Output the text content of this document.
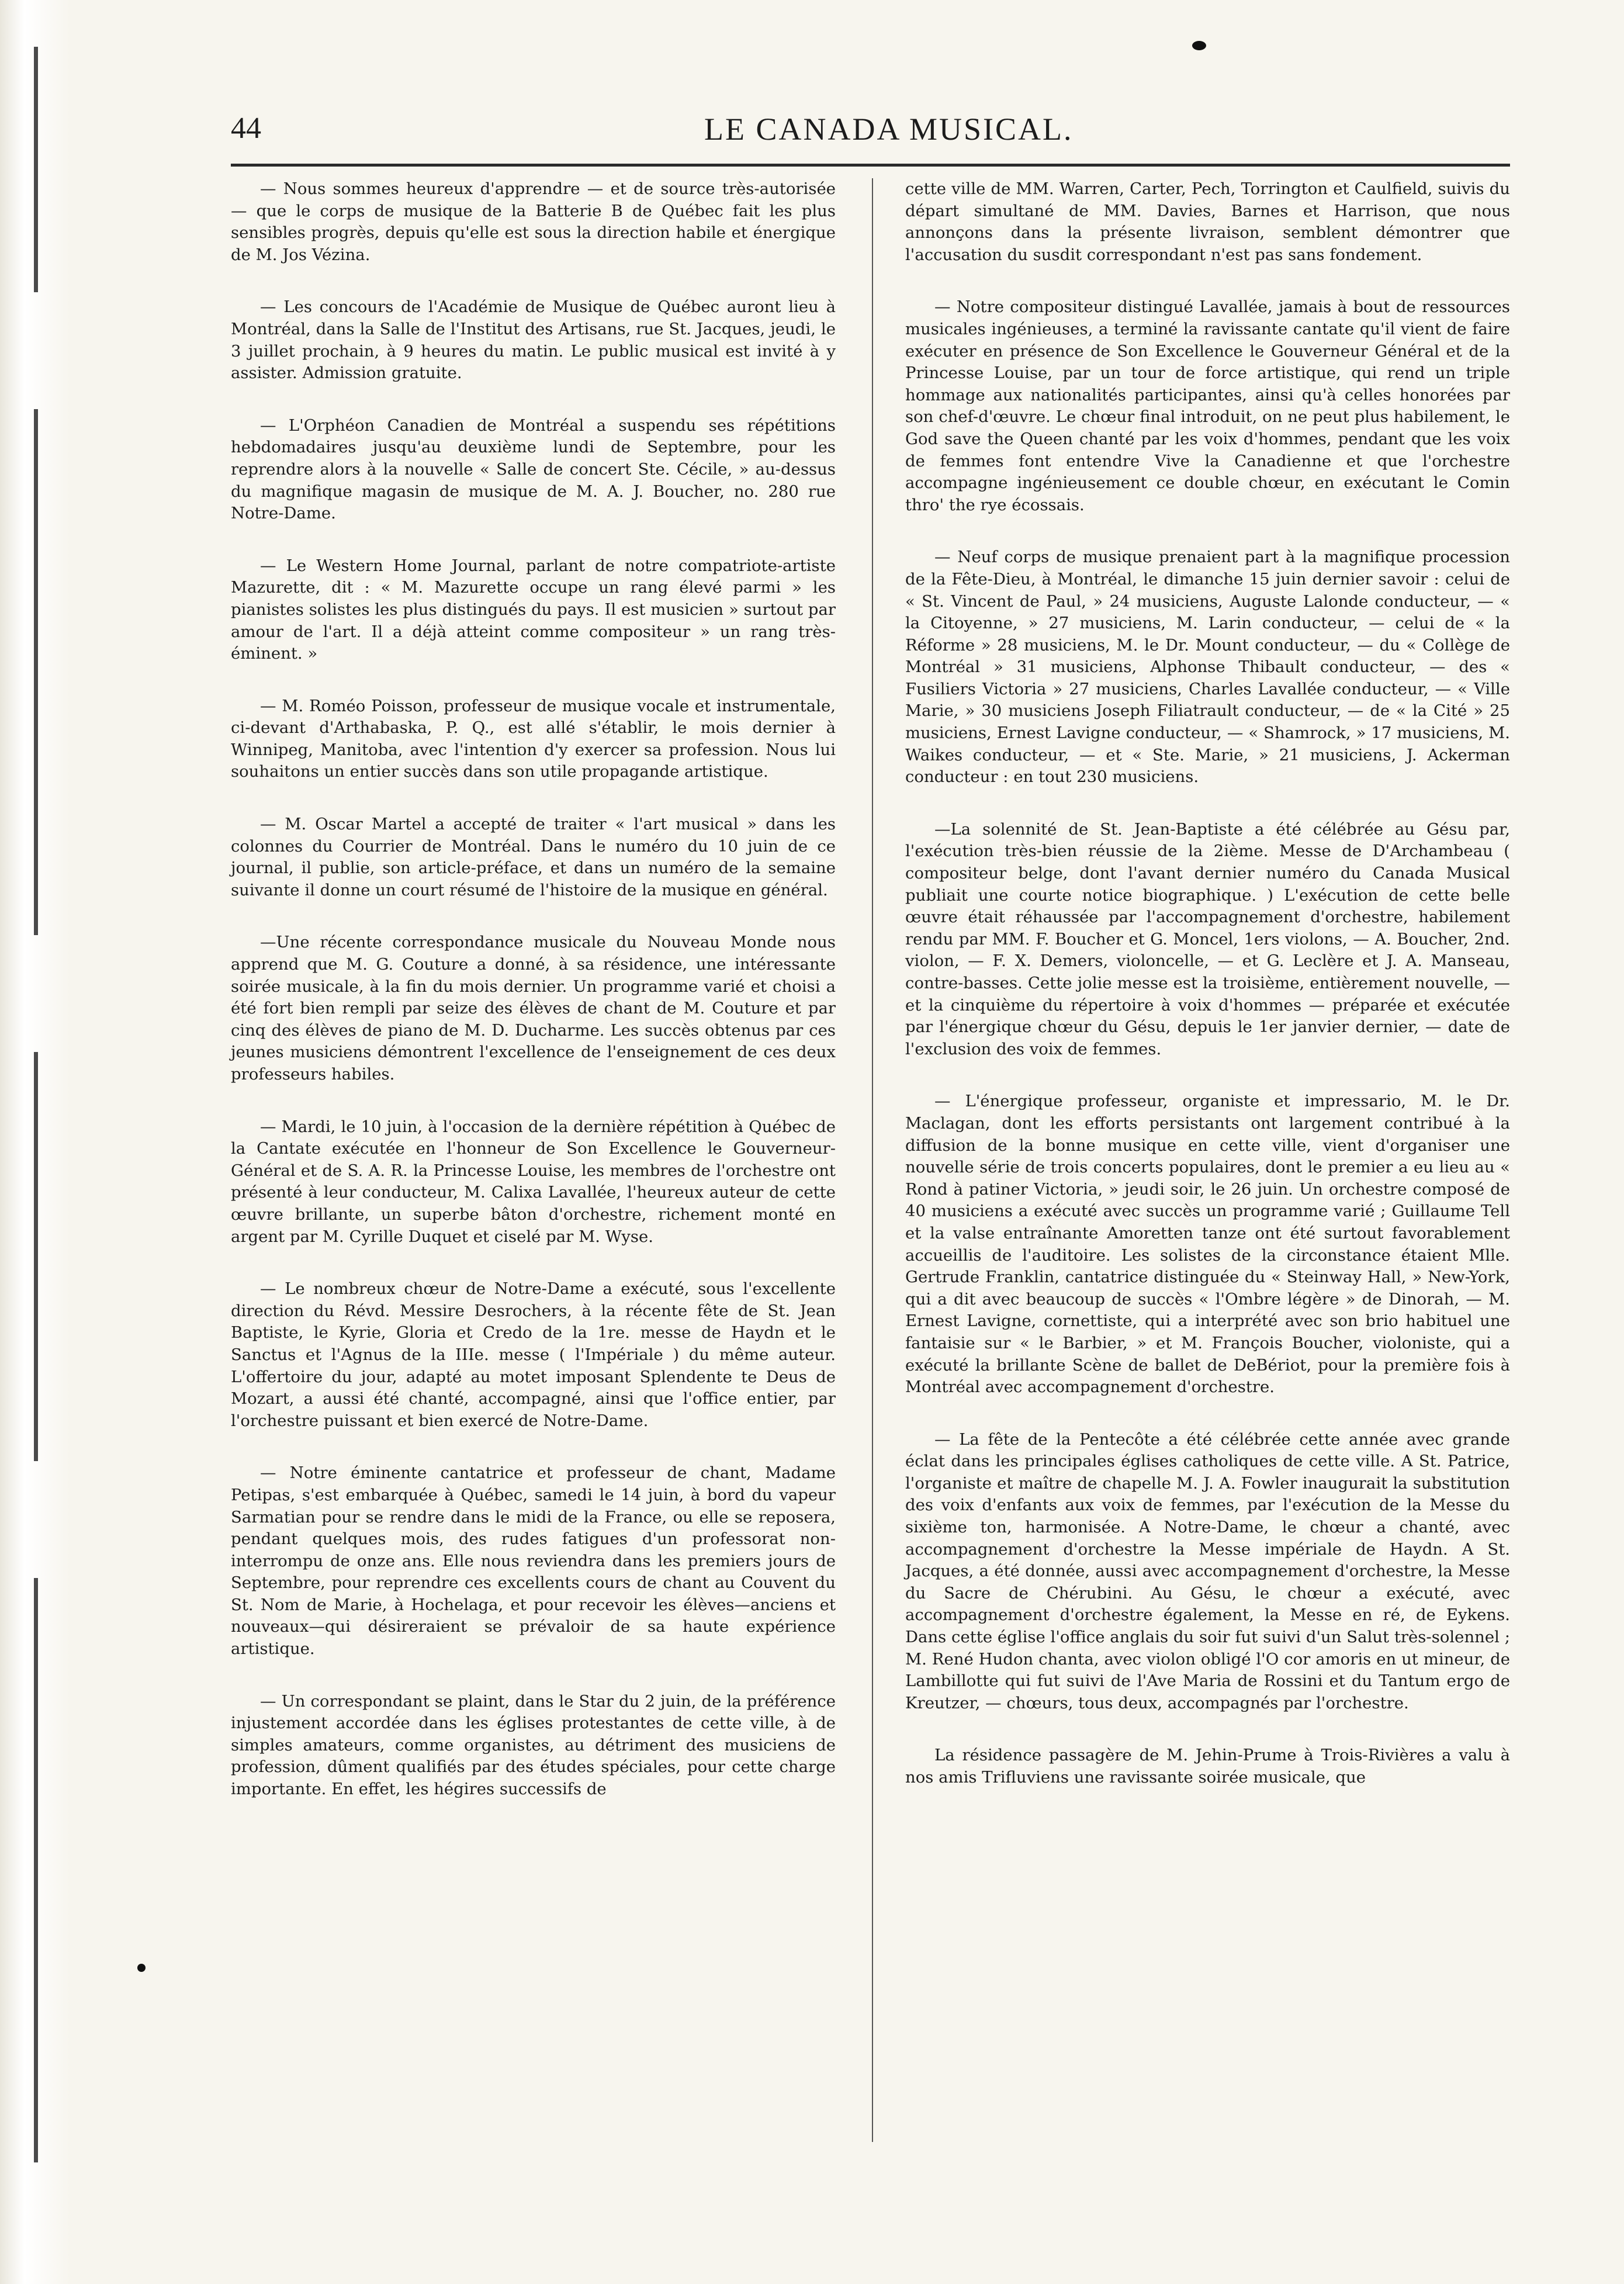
44	LE CANADA MUSICAL.

— Nous sommes heureux d'apprendre — et de source très-autorisée — que le corps de musique de la Batterie B de Québec fait les plus sensibles progrès, depuis qu'elle est sous la direction habile et énergique de M. Jos Vézina.

— Les concours de l'Académie de Musique de Québec auront lieu à Montréal, dans la Salle de l'Institut des Artisans, rue St. Jacques, jeudi, le 3 juillet prochain, à 9 heures du matin. Le public musical est invité à y assister. Admission gratuite.

— L'Orphéon Canadien de Montréal a suspendu ses répétitions hebdomadaires jusqu'au deuxième lundi de Septembre, pour les reprendre alors à la nouvelle « Salle de concert Ste. Cécile, » au-dessus du magnifique magasin de musique de M. A. J. Boucher, no. 280 rue Notre-Dame.

— Le Western Home Journal, parlant de notre compatriote-artiste Mazurette, dit : « M. Mazurette occupe un rang élevé parmi » les pianistes solistes les plus distingués du pays. Il est musicien » surtout par amour de l'art. Il a déjà atteint comme compositeur » un rang très-éminent. »

— M. Roméo Poisson, professeur de musique vocale et instrumentale, ci-devant d'Arthabaska, P. Q., est allé s'établir, le mois dernier à Winnipeg, Manitoba, avec l'intention d'y exercer sa profession. Nous lui souhaitons un entier succès dans son utile propagande artistique.

— M. Oscar Martel a accepté de traiter « l'art musical » dans les colonnes du Courrier de Montréal. Dans le numéro du 10 juin de ce journal, il publie, son article-préface, et dans un numéro de la semaine suivante il donne un court résumé de l'histoire de la musique en général.

—Une récente correspondance musicale du Nouveau Monde nous apprend que M. G. Couture a donné, à sa résidence, une intéressante soirée musicale, à la fin du mois dernier. Un programme varié et choisi a été fort bien rempli par seize des élèves de chant de M. Couture et par cinq des élèves de piano de M. D. Ducharme. Les succès obtenus par ces jeunes musiciens démontrent l'excellence de l'enseignement de ces deux professeurs habiles.

— Mardi, le 10 juin, à l'occasion de la dernière répétition à Québec de la Cantate exécutée en l'honneur de Son Excellence le Gouverneur-Général et de S. A. R. la Princesse Louise, les membres de l'orchestre ont présenté à leur conducteur, M. Calixa Lavallée, l'heureux auteur de cette œuvre brillante, un superbe bâton d'orchestre, richement monté en argent par M. Cyrille Duquet et ciselé par M. Wyse.

— Le nombreux chœur de Notre-Dame a exécuté, sous l'excellente direction du Révd. Messire Desrochers, à la récente fête de St. Jean Baptiste, le Kyrie, Gloria et Credo de la 1re. messe de Haydn et le Sanctus et l'Agnus de la IIIe. messe ( l'Impériale ) du même auteur. L'offertoire du jour, adapté au motet imposant Splendente te Deus de Mozart, a aussi été chanté, accompagné, ainsi que l'office entier, par l'orchestre puissant et bien exercé de Notre-Dame.

— Notre éminente cantatrice et professeur de chant, Madame Petipas, s'est embarquée à Québec, samedi le 14 juin, à bord du vapeur Sarmatian pour se rendre dans le midi de la France, ou elle se reposera, pendant quelques mois, des rudes fatigues d'un professorat non-interrompu de onze ans. Elle nous reviendra dans les premiers jours de Septembre, pour reprendre ces excellents cours de chant au Couvent du St. Nom de Marie, à Hochelaga, et pour recevoir les élèves—anciens et nouveaux—qui désireraient se prévaloir de sa haute expérience artistique.

— Un correspondant se plaint, dans le Star du 2 juin, de la préférence injustement accordée dans les églises protestantes de cette ville, à de simples amateurs, comme organistes, au détriment des musiciens de profession, dûment qualifiés par des études spéciales, pour cette charge importante. En effet, les hégires successifs de

cette ville de MM. Warren, Carter, Pech, Torrington et Caulfield, suivis du départ simultané de MM. Davies, Barnes et Harrison, que nous annonçons dans la présente livraison, semblent démontrer que l'accusation du susdit correspondant n'est pas sans fondement.

— Notre compositeur distingué Lavallée, jamais à bout de ressources musicales ingénieuses, a terminé la ravissante cantate qu'il vient de faire exécuter en présence de Son Excellence le Gouverneur Général et de la Princesse Louise, par un tour de force artistique, qui rend un triple hommage aux nationalités participantes, ainsi qu'à celles honorées par son chef-d'œuvre. Le chœur final introduit, on ne peut plus habilement, le God save the Queen chanté par les voix d'hommes, pendant que les voix de femmes font entendre Vive la Canadienne et que l'orchestre accompagne ingénieusement ce double chœur, en exécutant le Comin thro' the rye écossais.

— Neuf corps de musique prenaient part à la magnifique procession de la Fête-Dieu, à Montréal, le dimanche 15 juin dernier savoir : celui de « St. Vincent de Paul, » 24 musiciens, Auguste Lalonde conducteur, — « la Citoyenne, » 27 musiciens, M. Larin conducteur, — celui de « la Réforme » 28 musiciens, M. le Dr. Mount conducteur, — du « Collège de Montréal » 31 musiciens, Alphonse Thibault conducteur, — des « Fusiliers Victoria » 27 musiciens, Charles Lavallée conducteur, — « Ville Marie, » 30 musiciens Joseph Filiatrault conducteur, — de « la Cité » 25 musiciens, Ernest Lavigne conducteur, — « Shamrock, » 17 musiciens, M. Waikes conducteur, — et « Ste. Marie, » 21 musiciens, J. Ackerman conducteur : en tout 230 musiciens.

—La solennité de St. Jean-Baptiste a été célébrée au Gésu par, l'exécution très-bien réussie de la 2ième. Messe de D'Archambeau ( compositeur belge, dont l'avant dernier numéro du Canada Musical publiait une courte notice biographique. ) L'exécution de cette belle œuvre était réhaussée par l'accompagnement d'orchestre, habilement rendu par MM. F. Boucher et G. Moncel, 1ers violons, — A. Boucher, 2nd. violon, — F. X. Demers, violoncelle, — et G. Leclère et J. A. Manseau, contre-basses. Cette jolie messe est la troisième, entièrement nouvelle, — et la cinquième du répertoire à voix d'hommes — préparée et exécutée par l'énergique chœur du Gésu, depuis le 1er janvier dernier, — date de l'exclusion des voix de femmes.

— L'énergique professeur, organiste et impressario, M. le Dr. Maclagan, dont les efforts persistants ont largement contribué à la diffusion de la bonne musique en cette ville, vient d'organiser une nouvelle série de trois concerts populaires, dont le premier a eu lieu au « Rond à patiner Victoria, » jeudi soir, le 26 juin. Un orchestre composé de 40 musiciens a exécuté avec succès un programme varié ; Guillaume Tell et la valse entraînante Amoretten tanze ont été surtout favorablement accueillis de l'auditoire. Les solistes de la circonstance étaient Mlle. Gertrude Franklin, cantatrice distinguée du « Steinway Hall, » New-York, qui a dit avec beaucoup de succès « l'Ombre légère » de Dinorah, — M. Ernest Lavigne, cornettiste, qui a interprété avec son brio habituel une fantaisie sur « le Barbier, » et M. François Boucher, violoniste, qui a exécuté la brillante Scène de ballet de DeBériot, pour la première fois à Montréal avec accompagnement d'orchestre.

— La fête de la Pentecôte a été célébrée cette année avec grande éclat dans les principales églises catholiques de cette ville. A St. Patrice, l'organiste et maître de chapelle M. J. A. Fowler inaugurait la substitution des voix d'enfants aux voix de femmes, par l'exécution de la Messe du sixième ton, harmonisée. A Notre-Dame, le chœur a chanté, avec accompagnement d'orchestre la Messe impériale de Haydn. A St. Jacques, a été donnée, aussi avec accompagnement d'orchestre, la Messe du Sacre de Chérubini. Au Gésu, le chœur a exécuté, avec accompagnement d'orchestre également, la Messe en ré, de Eykens. Dans cette église l'office anglais du soir fut suivi d'un Salut très-solennel ; M. René Hudon chanta, avec violon obligé l'O cor amoris en ut mineur, de Lambillotte qui fut suivi de l'Ave Maria de Rossini et du Tantum ergo de Kreutzer, — chœurs, tous deux, accompagnés par l'orchestre.

La résidence passagère de M. Jehin-Prume à Trois-Rivières a valu à nos amis Trifluviens une ravissante soirée musicale, que
